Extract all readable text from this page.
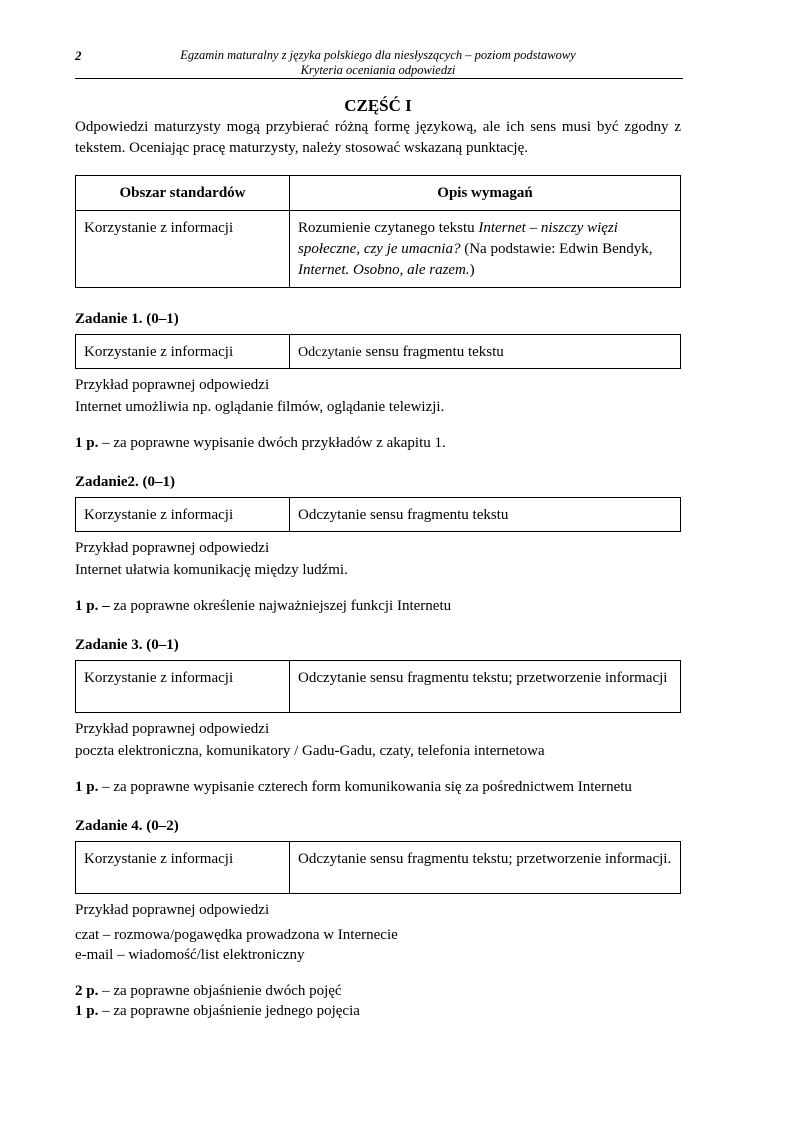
2	Egzamin maturalny z języka polskiego dla niesłyszących – poziom podstawowy
Kryteria oceniania odpowiedzi
CZĘŚĆ I

Odpowiedzi maturzysty mogą przybierać różną formę językową, ale ich sens musi być zgodny z tekstem. Oceniając pracę maturzysty, należy stosować wskazaną punktację.

Obszar standardów	Opis wymagań
Korzystanie z informacji	Rozumienie czytanego tekstu Internet – niszczy więzi społeczne, czy je umacnia? (Na podstawie: Edwin Bendyk, Internet. Osobno, ale razem.)
Zadanie 1. (0–1)
Korzystanie z informacji	Odczytanie sensu fragmentu tekstu
Przykład poprawnej odpowiedzi
Internet umożliwia np. oglądanie filmów, oglądanie telewizji.
1 p. – za poprawne wypisanie dwóch przykładów z akapitu 1.
Zadanie2. (0–1)
Korzystanie z informacji	Odczytanie sensu fragmentu tekstu
Przykład poprawnej odpowiedzi
Internet ułatwia komunikację między ludźmi.
1 p. – za poprawne określenie najważniejszej funkcji Internetu
Zadanie 3. (0–1)
Korzystanie z informacji	Odczytanie sensu fragmentu tekstu; przetworzenie informacji
Przykład poprawnej odpowiedzi
poczta elektroniczna, komunikatory / Gadu-Gadu, czaty, telefonia internetowa
1 p. – za poprawne wypisanie czterech form komunikowania się za pośrednictwem Internetu
Zadanie 4. (0–2)
Korzystanie z informacji	Odczytanie sensu fragmentu tekstu; przetworzenie informacji.
Przykład poprawnej odpowiedzi
czat – rozmowa/pogawędka prowadzona w Internecie
e-mail – wiadomość/list elektroniczny
2 p. – za poprawne objaśnienie dwóch pojęć
1 p. – za poprawne objaśnienie jednego pojęcia
